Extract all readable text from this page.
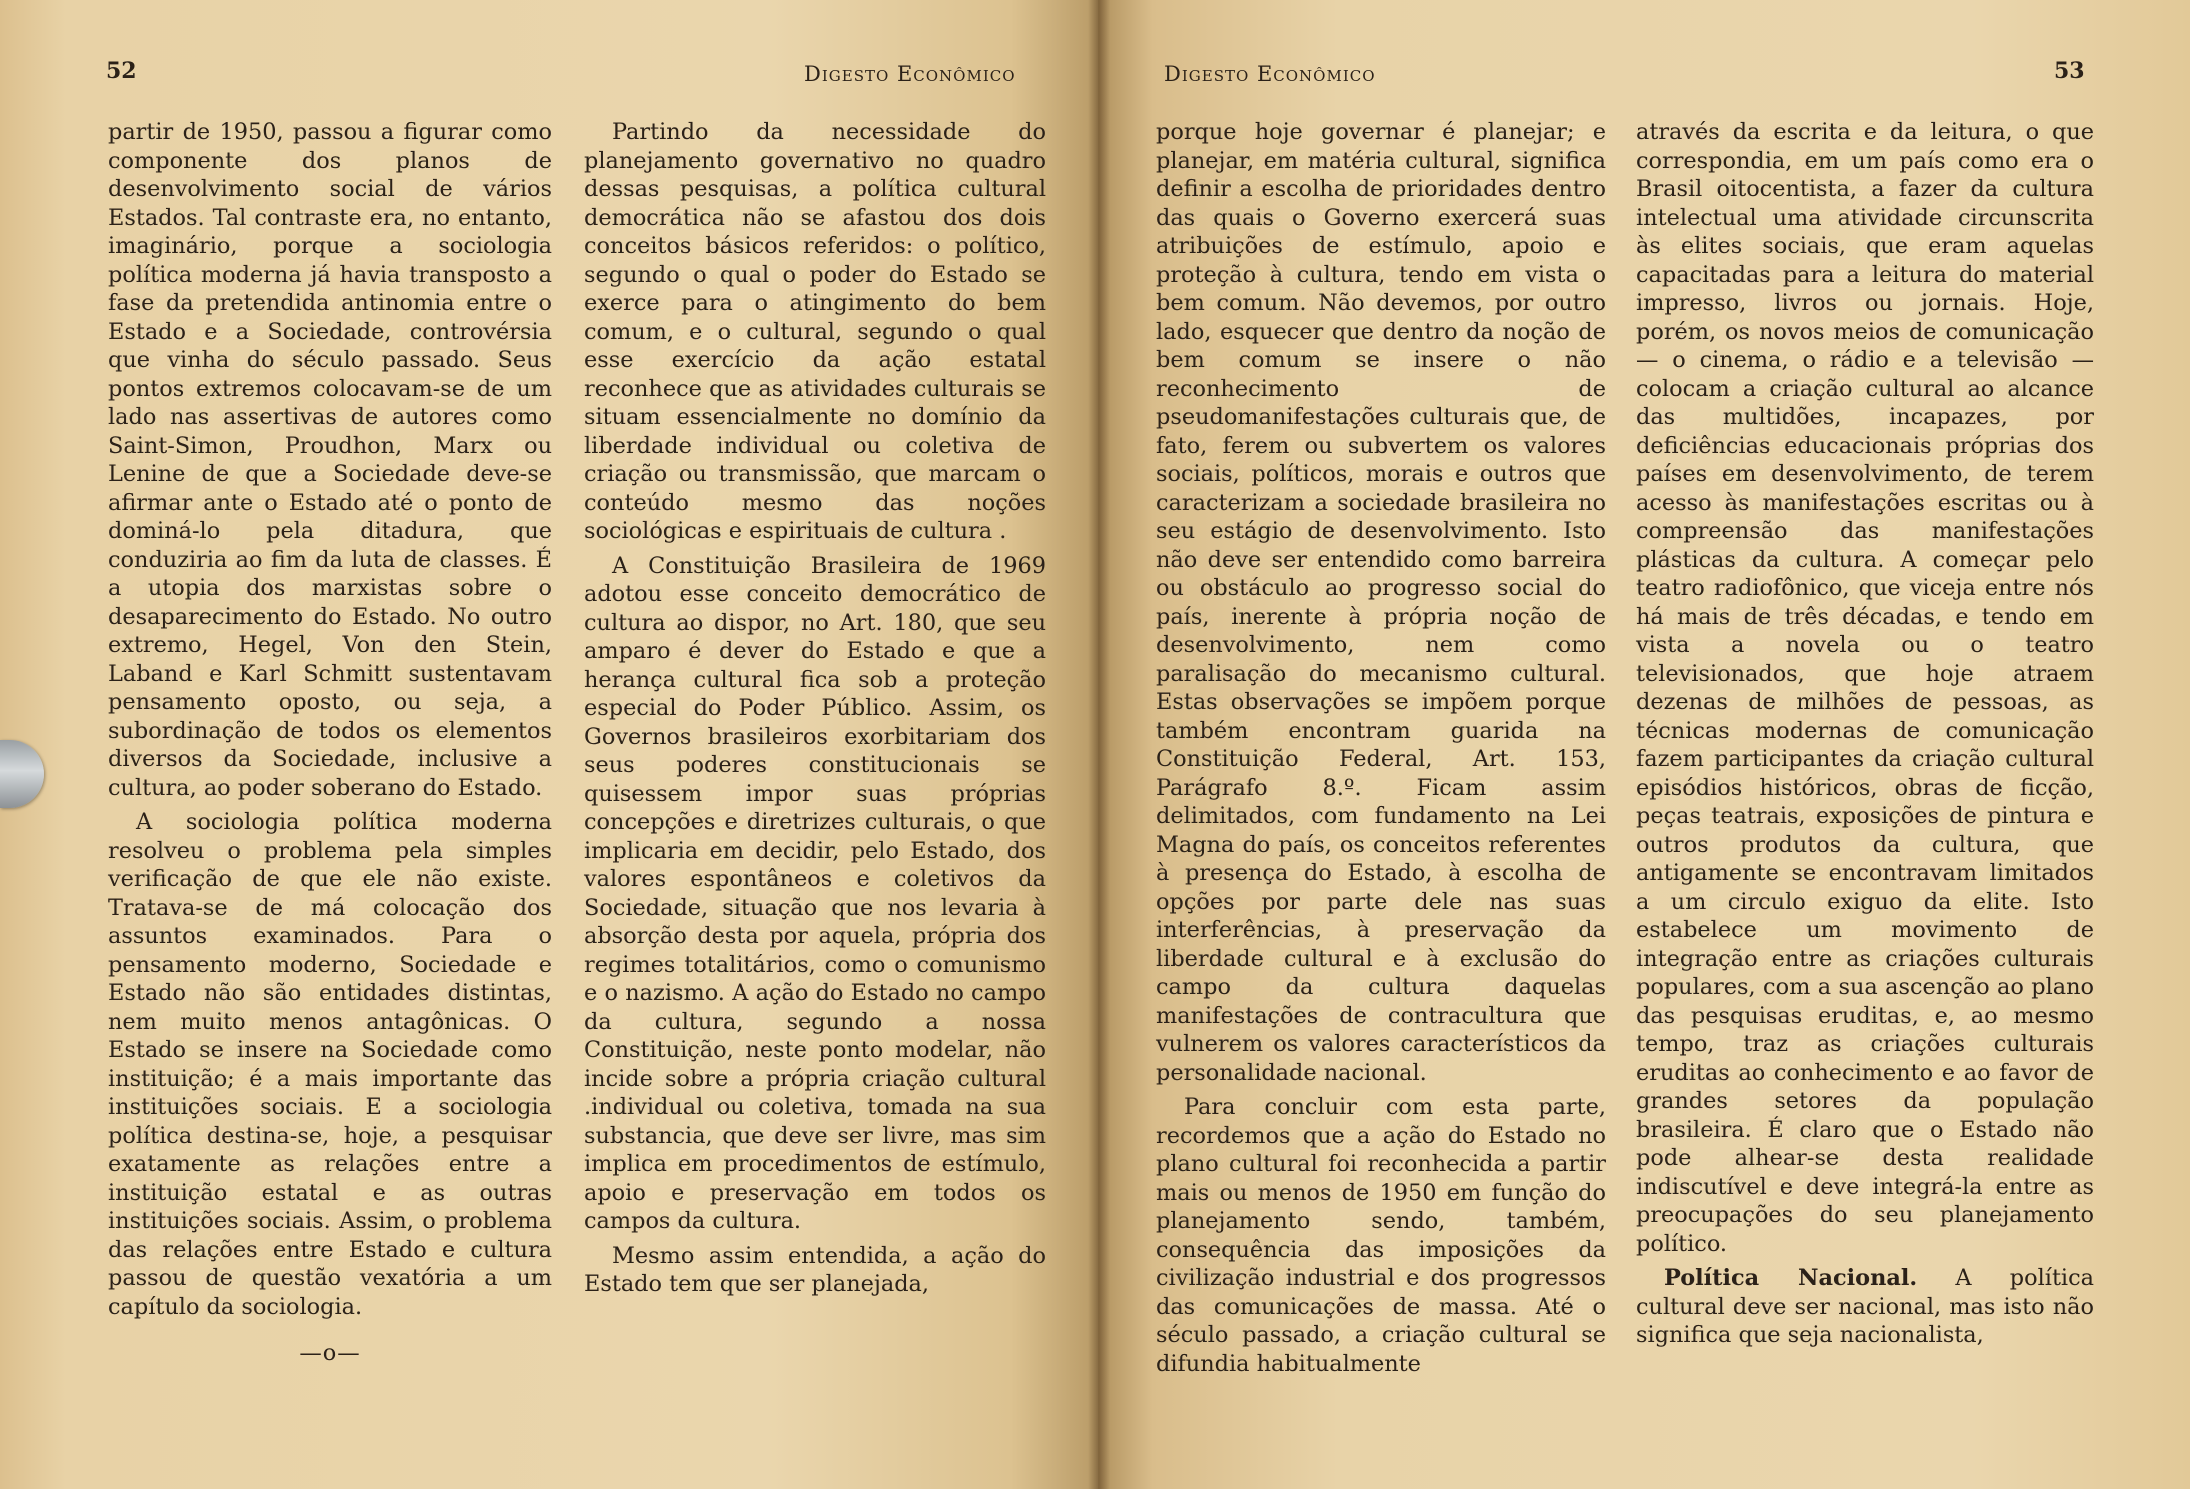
52	Digesto Econômico

partir de 1950, passou a figurar como componente dos planos de desenvolvimento social de vários Estados. Tal contraste era, no entanto, imaginário, porque a sociologia política moderna já havia transposto a fase da pretendida antinomia entre o Estado e a Sociedade, controvérsia que vinha do século passado. Seus pontos extremos colocavam-se de um lado nas assertivas de autores como Saint-Simon, Proudhon, Marx ou Lenine de que a Sociedade deve-se afirmar ante o Estado até o ponto de dominá-lo pela ditadura, que conduziria ao fim da luta de classes. É a utopia dos marxistas sobre o desaparecimento do Estado. No outro extremo, Hegel, Von den Stein, Laband e Karl Schmitt sustentavam pensamento oposto, ou seja, a subordinação de todos os elementos diversos da Sociedade, inclusive a cultura, ao poder soberano do Estado.

A sociologia política moderna resolveu o problema pela simples verificação de que ele não existe. Tratava-se de má colocação dos assuntos examinados. Para o pensamento moderno, Sociedade e Estado não são entidades distintas, nem muito menos antagônicas. O Estado se insere na Sociedade como instituição; é a mais importante das instituições sociais. E a sociologia política destina-se, hoje, a pesquisar exatamente as relações entre a instituição estatal e as outras instituições sociais. Assim, o problema das relações entre Estado e cultura passou de questão vexatória a um capítulo da sociologia.

—o—

Partindo da necessidade do planejamento governativo no quadro dessas pesquisas, a política cultural democrática não se afastou dos dois conceitos básicos referidos: o político, segundo o qual o poder do Estado se exerce para o atingimento do bem comum, e o cultural, segundo o qual esse exercício da ação estatal reconhece que as atividades culturais se situam essencialmente no domínio da liberdade individual ou coletiva de criação ou transmissão, que marcam o conteúdo mesmo das noções sociológicas e espirituais de cultura .

A Constituição Brasileira de 1969 adotou esse conceito democrático de cultura ao dispor, no Art. 180, que seu amparo é dever do Estado e que a herança cultural fica sob a proteção especial do Poder Público. Assim, os Governos brasileiros exorbitariam dos seus poderes constitucionais se quisessem impor suas próprias concepções e diretrizes culturais, o que implicaria em decidir, pelo Estado, dos valores espontâneos e coletivos da Sociedade, situação que nos levaria à absorção desta por aquela, própria dos regimes totalitários, como o comunismo e o nazismo. A ação do Estado no campo da cultura, segundo a nossa Constituição, neste ponto modelar, não incide sobre a própria criação cultural .individual ou coletiva, tomada na sua substancia, que deve ser livre, mas sim implica em procedimentos de estímulo, apoio e preservação em todos os campos da cultura.

Mesmo assim entendida, a ação do Estado tem que ser planejada,

Digesto Econômico	53

porque hoje governar é planejar; e planejar, em matéria cultural, significa definir a escolha de prioridades dentro das quais o Governo exercerá suas atribuições de estímulo, apoio e proteção à cultura, tendo em vista o bem comum. Não devemos, por outro lado, esquecer que dentro da noção de bem comum se insere o não reconhecimento de pseudomanifestações culturais que, de fato, ferem ou subvertem os valores sociais, políticos, morais e outros que caracterizam a sociedade brasileira no seu estágio de desenvolvimento. Isto não deve ser entendido como barreira ou obstáculo ao progresso social do país, inerente à própria noção de desenvolvimento, nem como paralisação do mecanismo cultural. Estas observações se impõem porque também encontram guarida na Constituição Federal, Art. 153, Parágrafo 8.º. Ficam assim delimitados, com fundamento na Lei Magna do país, os conceitos referentes à presença do Estado, à escolha de opções por parte dele nas suas interferências, à preservação da liberdade cultural e à exclusão do campo da cultura daquelas manifestações de contracultura que vulnerem os valores característicos da personalidade nacional.

Para concluir com esta parte, recordemos que a ação do Estado no plano cultural foi reconhecida a partir mais ou menos de 1950 em função do planejamento sendo, também, consequência das imposições da civilização industrial e dos progressos das comunicações de massa. Até o século passado, a criação cultural se difundia habitualmente

através da escrita e da leitura, o que correspondia, em um país como era o Brasil oitocentista, a fazer da cultura intelectual uma atividade circunscrita às elites sociais, que eram aquelas capacitadas para a leitura do material impresso, livros ou jornais. Hoje, porém, os novos meios de comunicação — o cinema, o rádio e a televisão — colocam a criação cultural ao alcance das multidões, incapazes, por deficiências educacionais próprias dos países em desenvolvimento, de terem acesso às manifestações escritas ou à compreensão das manifestações plásticas da cultura. A começar pelo teatro radiofônico, que viceja entre nós há mais de três décadas, e tendo em vista a novela ou o teatro televisionados, que hoje atraem dezenas de milhões de pessoas, as técnicas modernas de comunicação fazem participantes da criação cultural episódios históricos, obras de ficção, peças teatrais, exposições de pintura e outros produtos da cultura, que antigamente se encontravam limitados a um circulo exiguo da elite. Isto estabelece um movimento de integração entre as criações culturais populares, com a sua ascenção ao plano das pesquisas eruditas, e, ao mesmo tempo, traz as criações culturais eruditas ao conhecimento e ao favor de grandes setores da população brasileira. É claro que o Estado não pode alhear-se desta realidade indiscutível e deve integrá-la entre as preocupações do seu planejamento político.

Política Nacional. A política cultural deve ser nacional, mas isto não significa que seja nacionalista,
